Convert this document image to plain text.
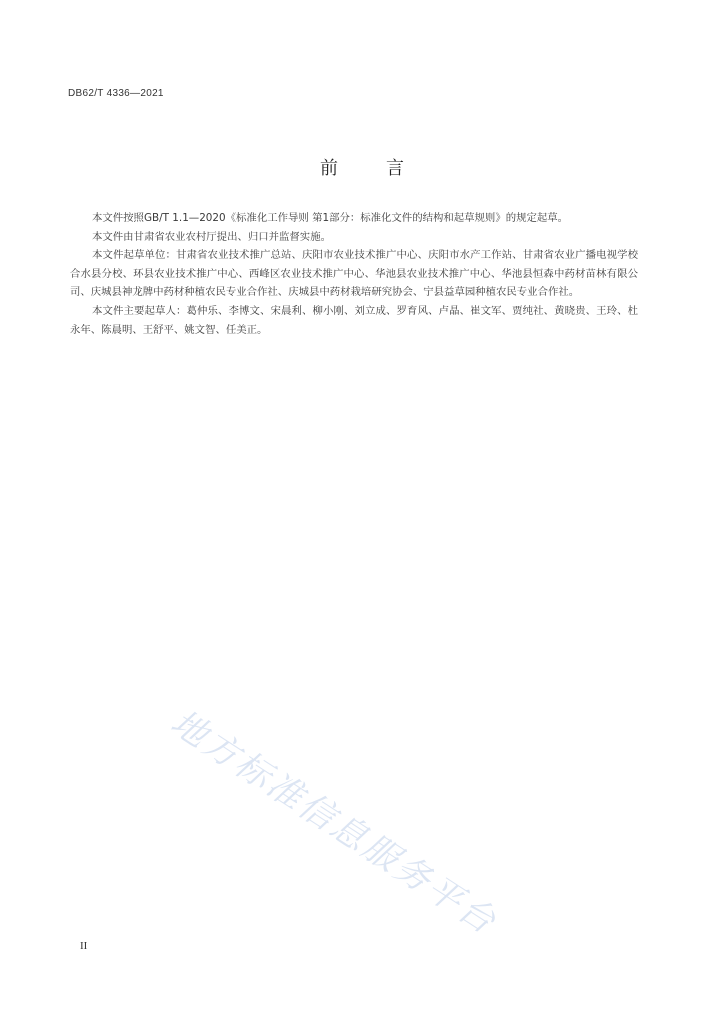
DB62/T 4336—2021
前	言

本文件按照GB/T 1.1—2020《标准化工作导则 第1部分：标准化文件的结构和起草规则》的规定起草。

本文件由甘肃省农业农村厅提出、归口并监督实施。

本文件起草单位：甘肃省农业技术推广总站、庆阳市农业技术推广中心、庆阳市水产工作站、甘肃省农业广播电视学校合水县分校、环县农业技术推广中心、西峰区农业技术推广中心、华池县农业技术推广中心、华池县恒森中药材苗林有限公司、庆城县神龙牌中药材种植农民专业合作社、庆城县中药材栽培研究协会、宁县益草园种植农民专业合作社。

本文件主要起草人：葛仲乐、李博文、宋晨利、柳小刚、刘立成、罗育风、卢晶、崔文军、贾纯社、黄晓贵、王玲、杜永年、陈晨明、王舒平、姚文智、任美正。

地方标准信息服务平台
II
